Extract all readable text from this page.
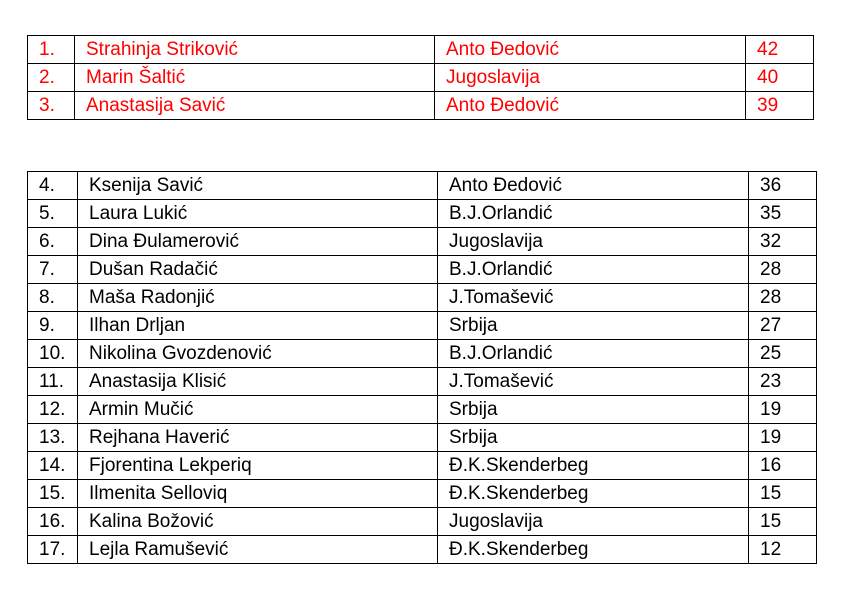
1.	Strahinja Striković	Anto Đedović	42
2.	Marin Šaltić	Jugoslavija	40
3.	Anastasija Savić	Anto Đedović	39
4.	Ksenija Savić	Anto Đedović	36
5.	Laura Lukić	B.J.Orlandić	35
6.	Dina Đulamerović	Jugoslavija	32
7.	Dušan Radačić	B.J.Orlandić	28
8.	Maša Radonjić	J.Tomašević	28
9.	Ilhan Drljan	Srbija	27
10.	Nikolina Gvozdenović	B.J.Orlandić	25
11.	Anastasija Klisić	J.Tomašević	23
12.	Armin Mučić	Srbija	19
13.	Rejhana Haverić	Srbija	19
14.	Fjorentina Lekperiq	Đ.K.Skenderbeg	16
15.	Ilmenita Selloviq	Đ.K.Skenderbeg	15
16.	Kalina Božović	Jugoslavija	15
17.	Lejla Ramušević	Đ.K.Skenderbeg	12
